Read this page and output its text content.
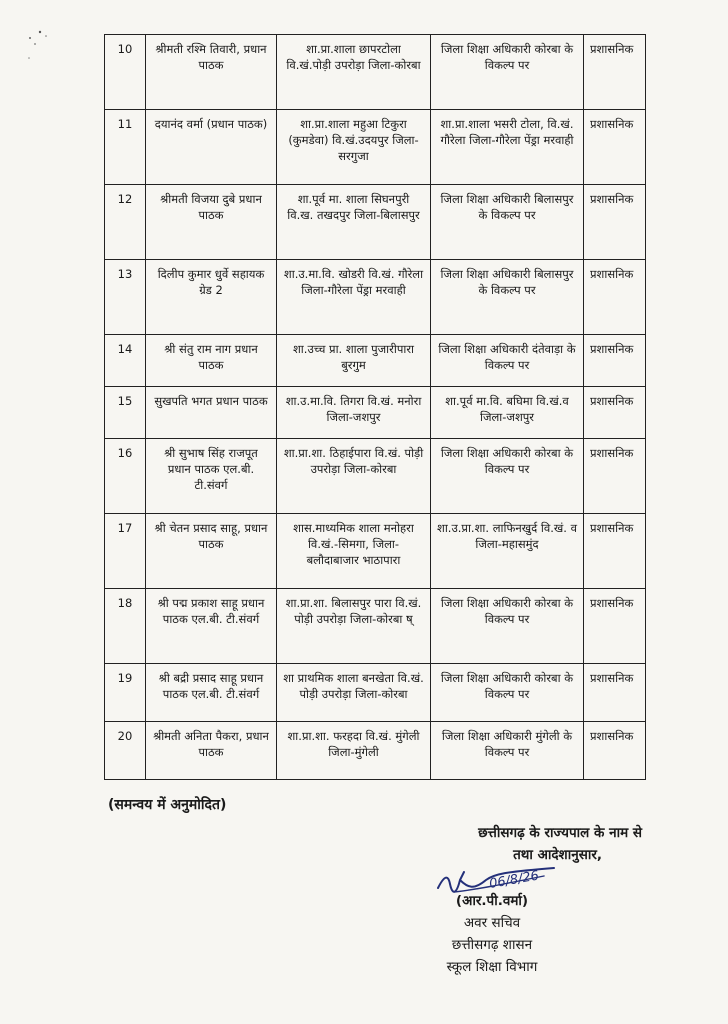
10	श्रीमती रश्मि तिवारी, प्रधान पाठक	शा.प्रा.शाला छापरटोला वि.खं.पोड़ी उपरोड़ा जिला-कोरबा	जिला शिक्षा अधिकारी कोरबा के विकल्प पर	प्रशासनिक
11	दयानंद वर्मा (प्रधान पाठक)	शा.प्रा.शाला महुआ टिकुरा (कुमडेवा) वि.खं.उदयपुर जिला-सरगुजा	शा.प्रा.शाला भसरी टोला, वि.खं. गौरेला जिला-गौरेला पेंड्रा मरवाही	प्रशासनिक
12	श्रीमती विजया दुबे प्रधान पाठक	शा.पूर्व मा. शाला सिघनपुरी वि.ख. तखदपुर जिला-बिलासपुर	जिला शिक्षा अधिकारी बिलासपुर के विकल्प पर	प्रशासनिक
13	दिलीप कुमार धुर्वे सहायक ग्रेड 2	शा.उ.मा.वि. खोडरी वि.खं. गौरेला जिला-गौरेला पेंड्रा मरवाही	जिला शिक्षा अधिकारी बिलासपुर के विकल्प पर	प्रशासनिक
14	श्री संतु राम नाग प्रधान पाठक	शा.उच्च प्रा. शाला पुजारीपारा बुरगुम	जिला शिक्षा अधिकारी दंतेवाड़ा के विकल्प पर	प्रशासनिक
15	सुखपति भगत प्रधान पाठक	शा.उ.मा.वि. तिगरा वि.खं. मनोरा जिला-जशपुर	शा.पूर्व मा.वि. बघिमा वि.खं.व जिला-जशपुर	प्रशासनिक
16	श्री सुभाष सिंह राजपूत प्रधान पाठक एल.बी. टी.संवर्ग	शा.प्रा.शा. ठिहाईपारा वि.खं. पोड़ी उपरोड़ा जिला-कोरबा	जिला शिक्षा अधिकारी कोरबा के विकल्प पर	प्रशासनिक
17	श्री चेतन प्रसाद साहू, प्रधान पाठक	शास.माध्यमिक शाला मनोहरा वि.खं.-सिमगा, जिला-बलौदाबाजार भाठापारा	शा.उ.प्रा.शा. लाफिनखुर्द वि.खं. व जिला-महासमुंद	प्रशासनिक
18	श्री पद्म प्रकाश साहू प्रधान पाठक एल.बी. टी.संवर्ग	शा.प्रा.शा. बिलासपुर पारा वि.खं. पोड़ी उपरोड़ा जिला-कोरबा ष्	जिला शिक्षा अधिकारी कोरबा के विकल्प पर	प्रशासनिक
19	श्री बद्री प्रसाद साहू प्रधान पाठक एल.बी. टी.संवर्ग	शा प्राथमिक शाला बनखेता वि.खं. पोड़ी उपरोड़ा जिला-कोरबा	जिला शिक्षा अधिकारी कोरबा के विकल्प पर	प्रशासनिक
20	श्रीमती अनिता पैकरा, प्रधान पाठक	शा.प्रा.शा. फरहदा वि.खं. मुंगेली जिला-मुंगेली	जिला शिक्षा अधिकारी मुंगेली के विकल्प पर	प्रशासनिक
(समन्वय में अनुमोदित)
छत्तीसगढ़ के राज्यपाल के नाम से
तथा आदेशानुसार,
06/8/26
(आर.पी.वर्मा)
अवर सचिव
छत्तीसगढ़ शासन
स्कूल शिक्षा विभाग
